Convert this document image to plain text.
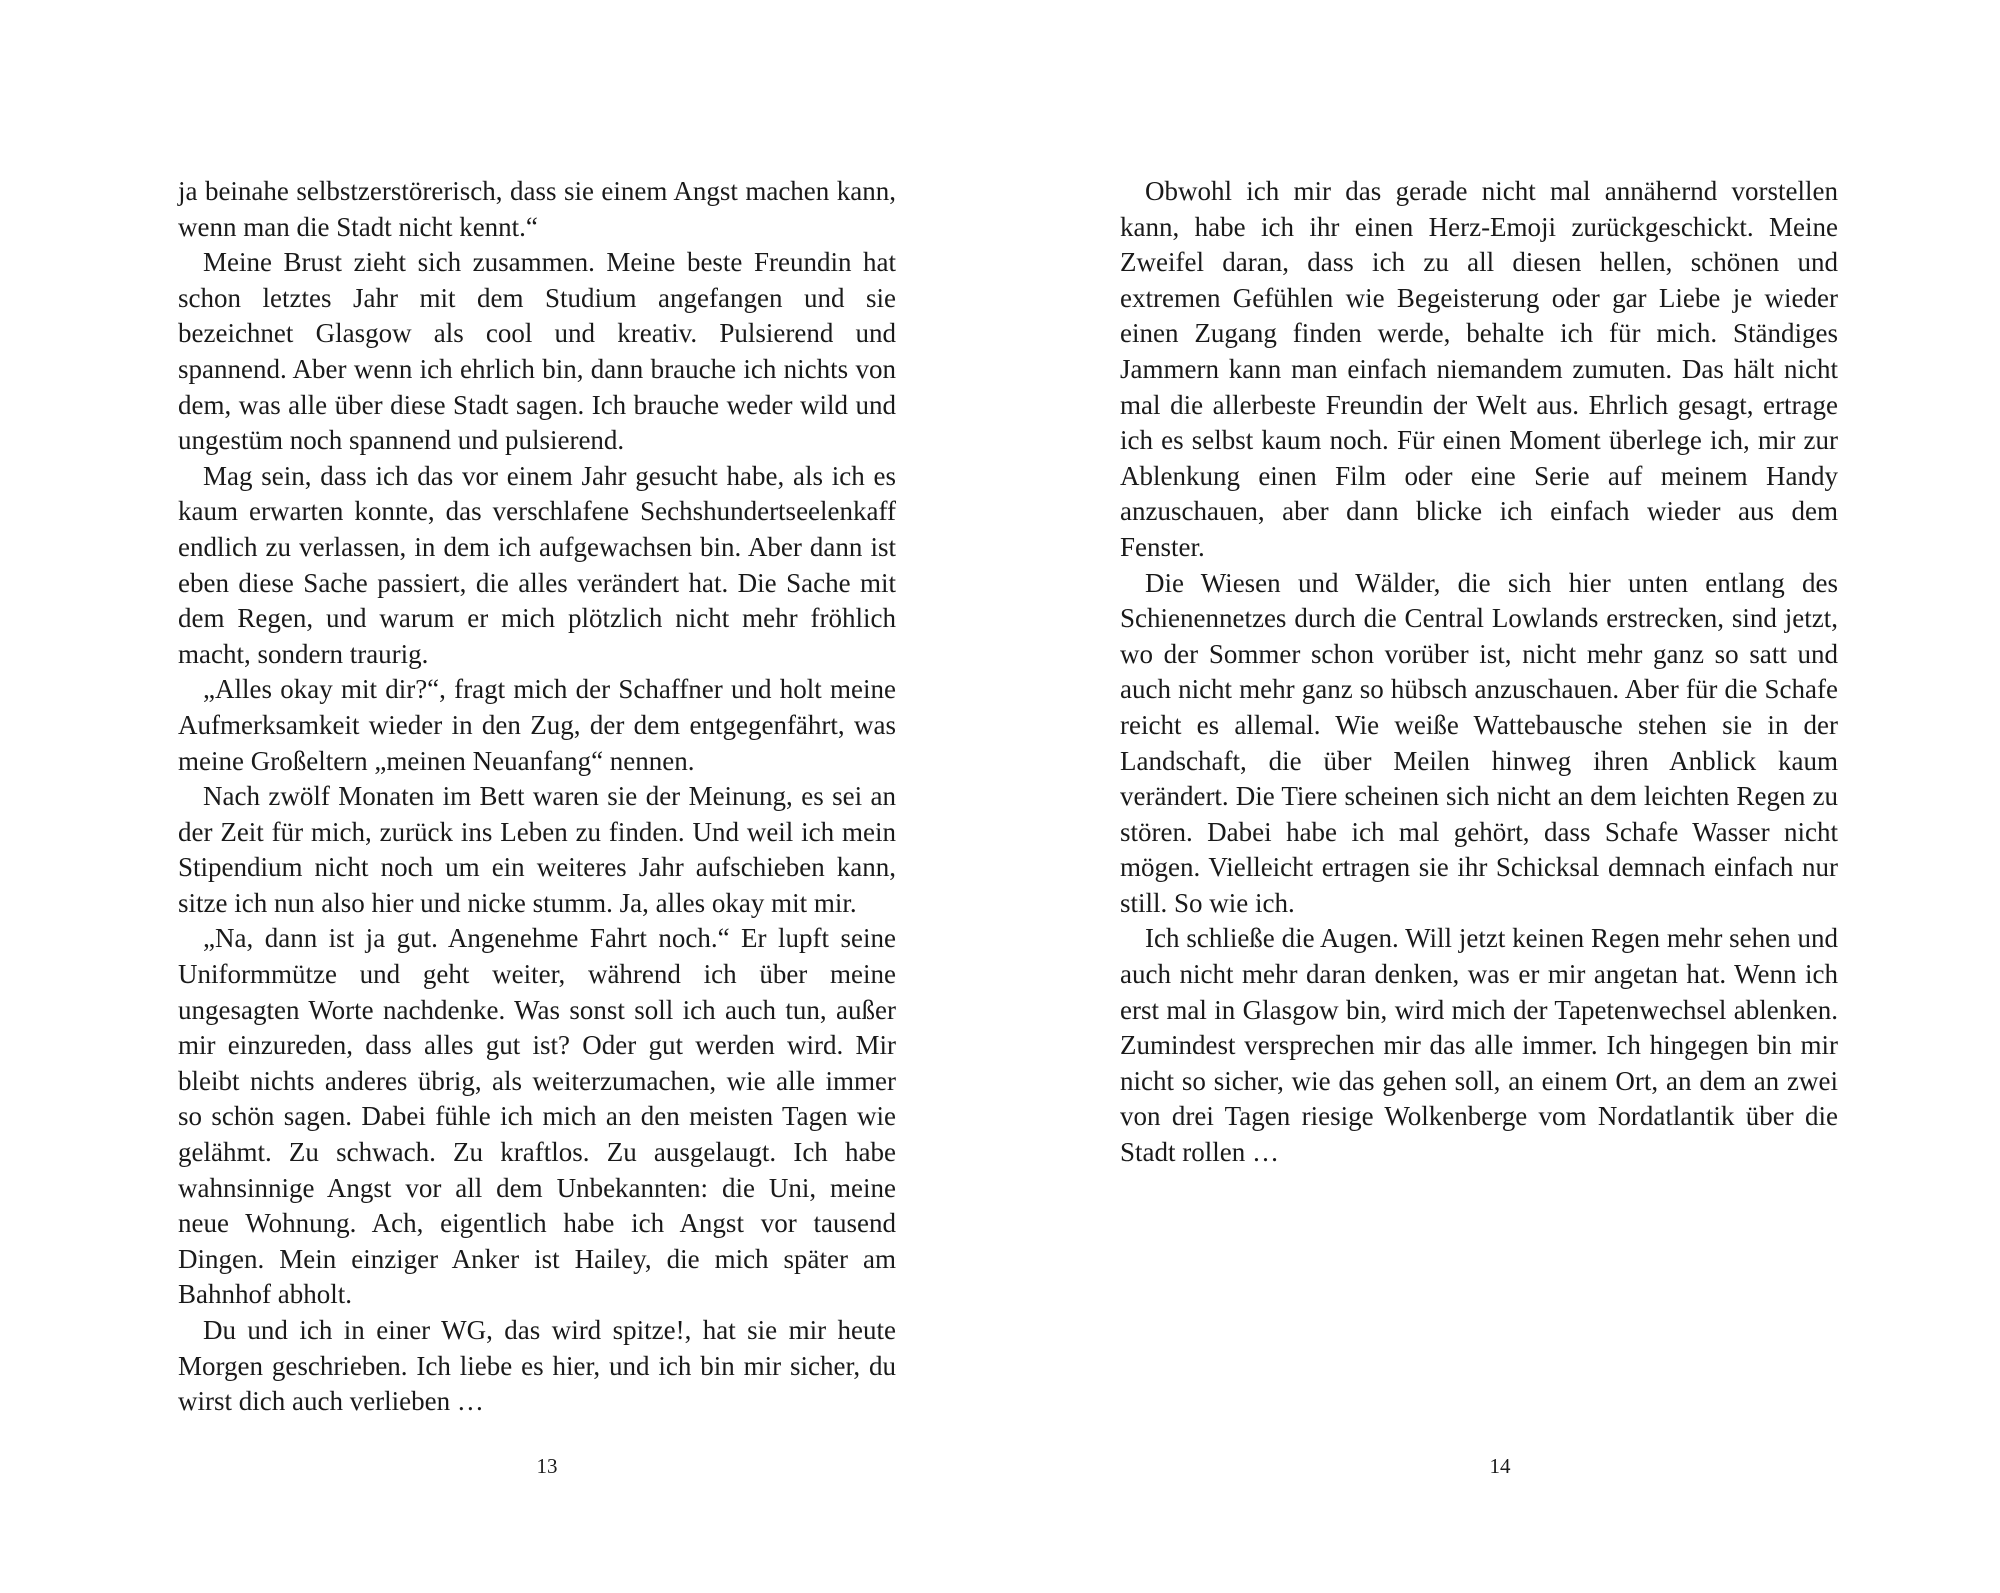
ja beinahe selbstzerstörerisch, dass sie einem Angst machen kann, wenn man die Stadt nicht kennt.“

Meine Brust zieht sich zusammen. Meine beste Freundin hat schon letztes Jahr mit dem Studium angefangen und sie bezeichnet Glasgow als cool und kreativ. Pulsierend und spannend. Aber wenn ich ehrlich bin, dann brauche ich nichts von dem, was alle über diese Stadt sagen. Ich brauche weder wild und ungestüm noch spannend und pulsierend.

Mag sein, dass ich das vor einem Jahr gesucht habe, als ich es kaum erwarten konnte, das verschlafene Sechshundertseelenkaff endlich zu verlassen, in dem ich aufgewachsen bin. Aber dann ist eben diese Sache passiert, die alles verändert hat. Die Sache mit dem Regen, und warum er mich plötzlich nicht mehr fröhlich macht, sondern traurig.

„Alles okay mit dir?“, fragt mich der Schaffner und holt meine Aufmerksamkeit wieder in den Zug, der dem entgegenfährt, was meine Großeltern „meinen Neuanfang“ nennen.

Nach zwölf Monaten im Bett waren sie der Meinung, es sei an der Zeit für mich, zurück ins Leben zu finden. Und weil ich mein Stipendium nicht noch um ein weiteres Jahr aufschieben kann, sitze ich nun also hier und nicke stumm. Ja, alles okay mit mir.

„Na, dann ist ja gut. Angenehme Fahrt noch.“ Er lupft seine Uniformmütze und geht weiter, während ich über meine ungesagten Worte nachdenke. Was sonst soll ich auch tun, außer mir einzureden, dass alles gut ist? Oder gut werden wird. Mir bleibt nichts anderes übrig, als weiterzumachen, wie alle immer so schön sagen. Dabei fühle ich mich an den meisten Tagen wie gelähmt. Zu schwach. Zu kraftlos. Zu ausgelaugt. Ich habe wahnsinnige Angst vor all dem Unbekannten: die Uni, meine neue Wohnung. Ach, eigentlich habe ich Angst vor tausend Dingen. Mein einziger Anker ist Hailey, die mich später am Bahnhof abholt.

Du und ich in einer WG, das wird spitze!, hat sie mir heute Morgen geschrieben. Ich liebe es hier, und ich bin mir sicher, du wirst dich auch verlieben …

13

Obwohl ich mir das gerade nicht mal annähernd vorstellen kann, habe ich ihr einen Herz-Emoji zurückgeschickt. Meine Zweifel daran, dass ich zu all diesen hellen, schönen und extremen Gefühlen wie Begeisterung oder gar Liebe je wieder einen Zugang finden werde, behalte ich für mich. Ständiges Jammern kann man einfach niemandem zumuten. Das hält nicht mal die allerbeste Freundin der Welt aus. Ehrlich gesagt, ertrage ich es selbst kaum noch. Für einen Moment überlege ich, mir zur Ablenkung einen Film oder eine Serie auf meinem Handy anzuschauen, aber dann blicke ich einfach wieder aus dem Fenster.

Die Wiesen und Wälder, die sich hier unten entlang des Schienennetzes durch die Central Lowlands erstrecken, sind jetzt, wo der Sommer schon vorüber ist, nicht mehr ganz so satt und auch nicht mehr ganz so hübsch anzuschauen. Aber für die Schafe reicht es allemal. Wie weiße Wattebausche stehen sie in der Landschaft, die über Meilen hinweg ihren Anblick kaum verändert. Die Tiere scheinen sich nicht an dem leichten Regen zu stören. Dabei habe ich mal gehört, dass Schafe Wasser nicht mögen. Vielleicht ertragen sie ihr Schicksal demnach einfach nur still. So wie ich.

Ich schließe die Augen. Will jetzt keinen Regen mehr sehen und auch nicht mehr daran denken, was er mir angetan hat. Wenn ich erst mal in Glasgow bin, wird mich der Tapetenwechsel ablenken. Zumindest versprechen mir das alle immer. Ich hingegen bin mir nicht so sicher, wie das gehen soll, an einem Ort, an dem an zwei von drei Tagen riesige Wolkenberge vom Nordatlantik über die Stadt rollen …

14
